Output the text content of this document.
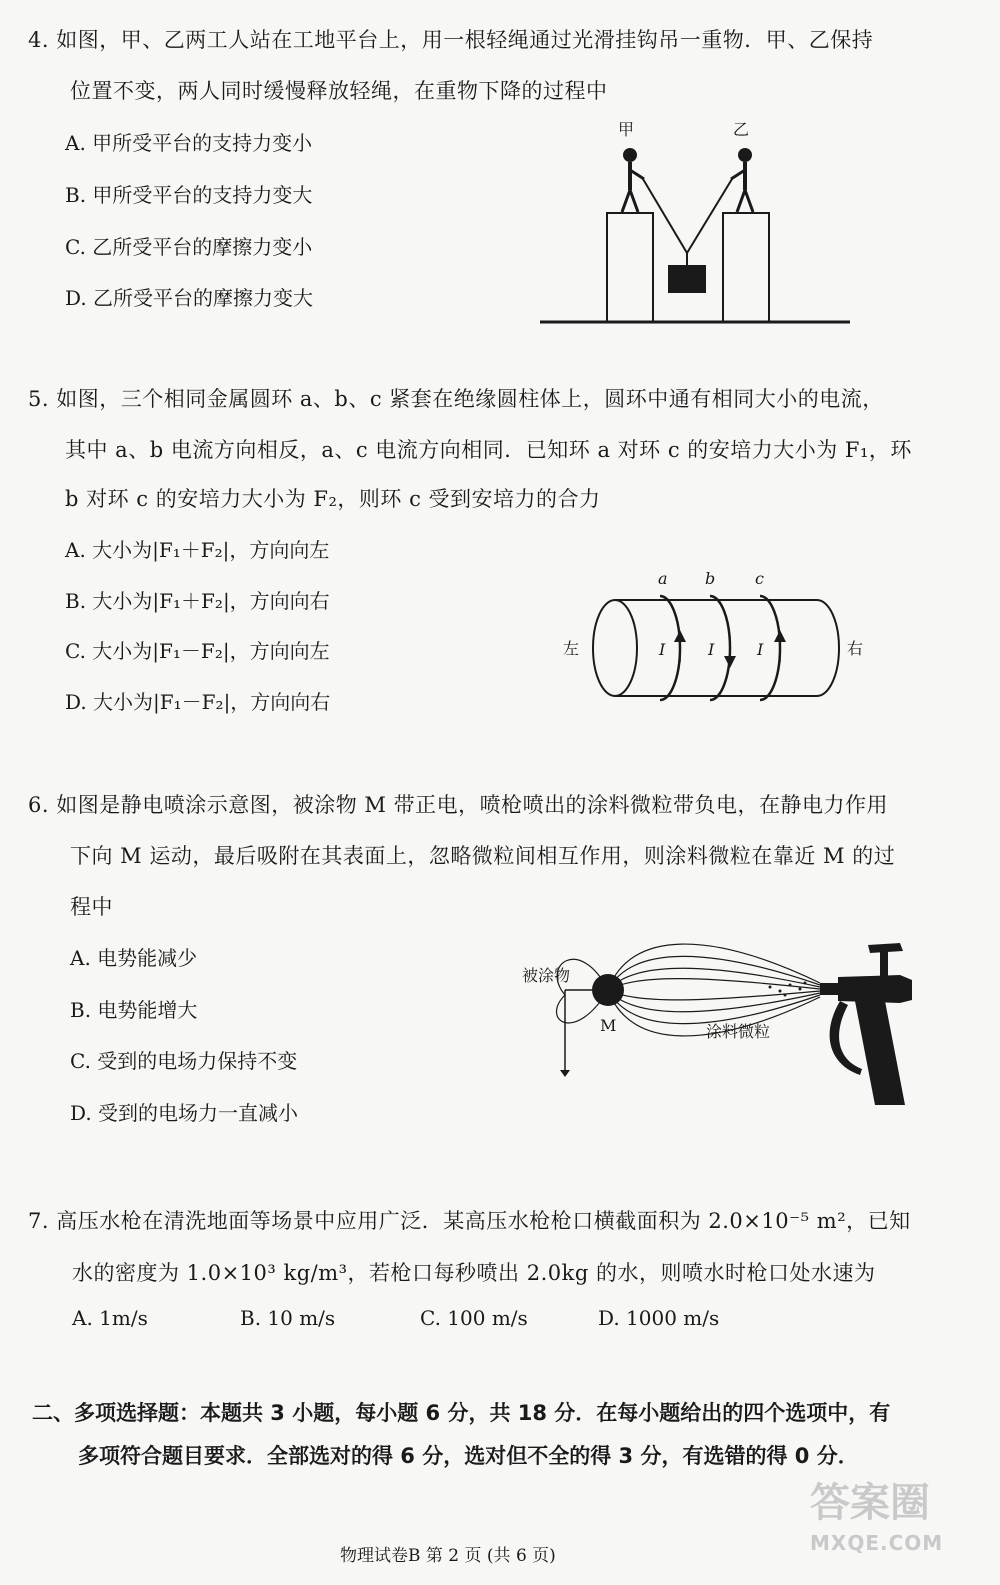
4. 如图，甲、乙两工人站在工地平台上，用一根轻绳通过光滑挂钩吊一重物．甲、乙保持
位置不变，两人同时缓慢释放轻绳，在重物下降的过程中
A. 甲所受平台的支持力变小
B. 甲所受平台的支持力变大
C. 乙所受平台的摩擦力变小
D. 乙所受平台的摩擦力变大
甲	乙
5. 如图，三个相同金属圆环 a、b、c 紧套在绝缘圆柱体上，圆环中通有相同大小的电流，
其中 a、b 电流方向相反，a、c 电流方向相同．已知环 a 对环 c 的安培力大小为 F₁，环
b 对环 c 的安培力大小为 F₂，则环 c 受到安培力的合力
A. 大小为|F₁＋F₂|，方向向左
B. 大小为|F₁＋F₂|，方向向右
C. 大小为|F₁－F₂|，方向向左
D. 大小为|F₁－F₂|，方向向右
a b c
I	I	I
左	右
6. 如图是静电喷涂示意图，被涂物 M 带正电，喷枪喷出的涂料微粒带负电，在静电力作用
下向 M 运动，最后吸附在其表面上，忽略微粒间相互作用，则涂料微粒在靠近 M 的过
程中
A. 电势能减少
B. 电势能增大
C. 受到的电场力保持不变
D. 受到的电场力一直减小
被涂物
M	涂料微粒
7. 高压水枪在清洗地面等场景中应用广泛．某高压水枪枪口横截面积为 2.0×10⁻⁵ m²，已知
水的密度为 1.0×10³ kg/m³，若枪口每秒喷出 2.0kg 的水，则喷水时枪口处水速为
A. 1m/s	B. 10 m/s	C. 100 m/s	D. 1000 m/s
二、多项选择题：本题共 3 小题，每小题 6 分，共 18 分．在每小题给出的四个选项中，有
多项符合题目要求．全部选对的得 6 分，选对但不全的得 3 分，有选错的得 0 分．
物理试卷B 第 2 页 (共 6 页)
答案圈
MXQE.COM
